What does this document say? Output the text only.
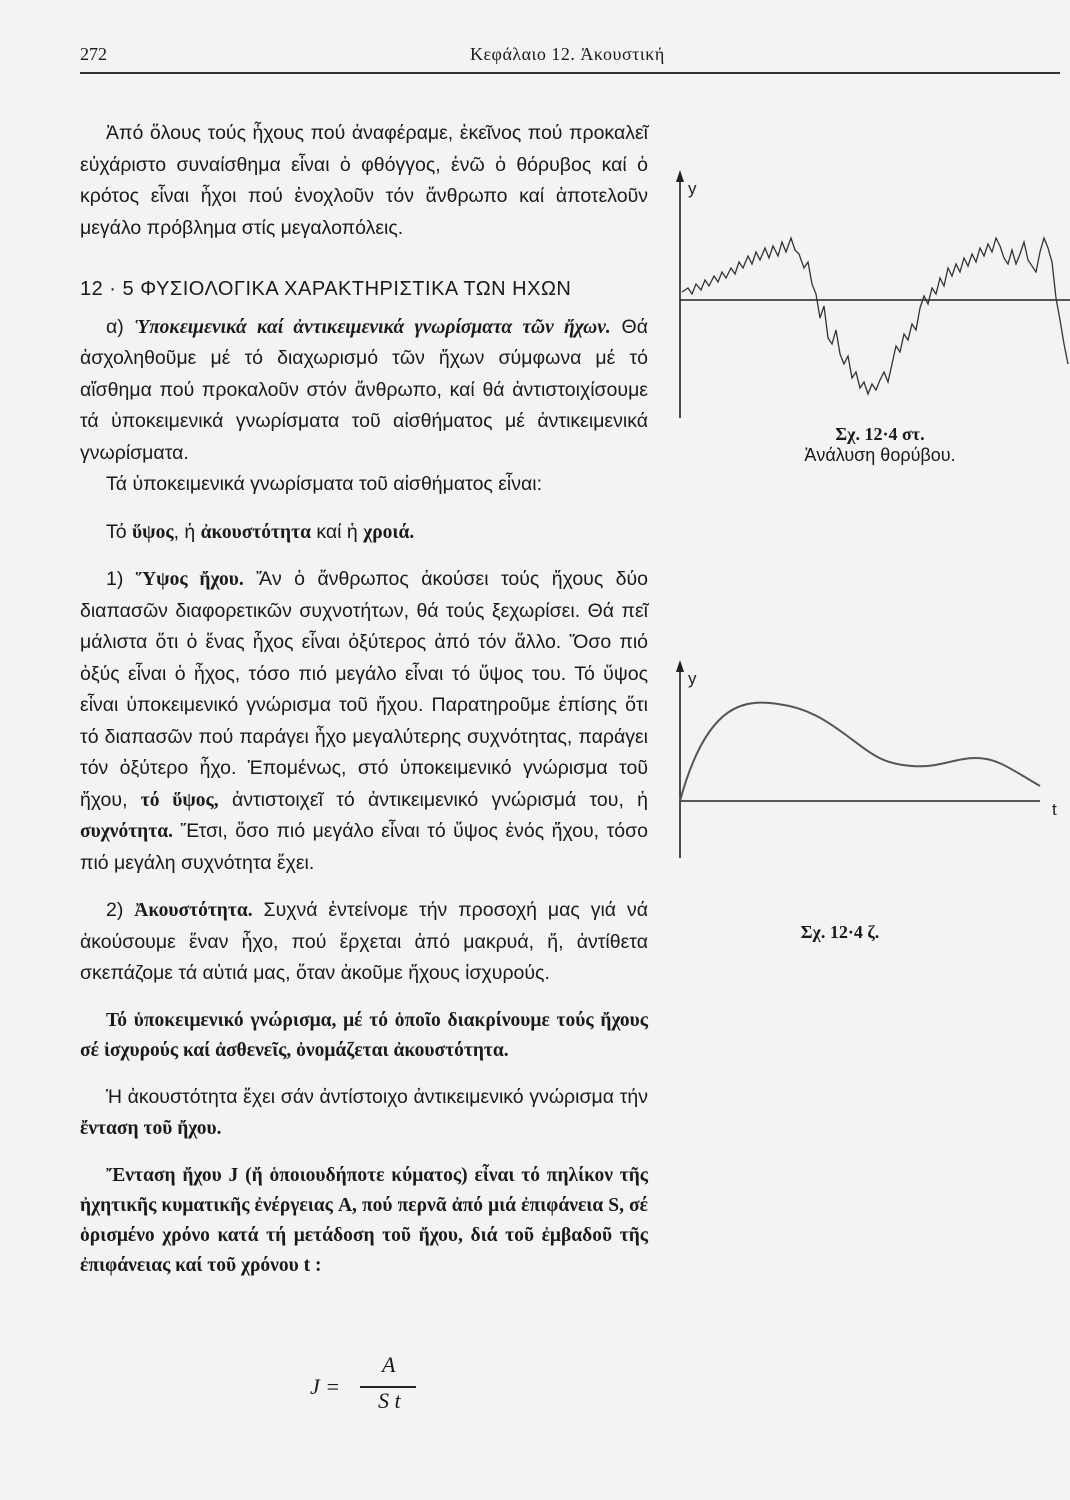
272	Κεφάλαιο 12. Ἀκουστική

Ἀπό ὅλους τούς ἦχους πού ἀναφέραμε, ἐκεῖνος πού προκαλεῖ εὐχάριστο συναίσθημα εἶναι ὁ φθόγγος, ἐνῶ ὁ θόρυβος καί ὁ κρότος εἶναι ἦχοι πού ἐνοχλοῦν τόν ἄνθρωπο καί ἀποτελοῦν μεγάλο πρόβλημα στίς μεγαλοπόλεις.

12 · 5 ΦΥΣΙΟΛΟΓΙΚΑ ΧΑΡΑΚΤΗΡΙΣΤΙΚΑ ΤΩΝ ΗΧΩΝ

α) Ὑποκειμενικά καί ἀντικειμενικά γνωρίσματα τῶν ἤχων. Θά ἀσχοληθοῦμε μέ τό διαχωρισμό τῶν ἤχων σύμφωνα μέ τό αἴσθημα πού προκαλοῦν στόν ἄνθρωπο, καί θά ἀντιστοιχίσουμε τά ὑποκειμενικά γνωρίσματα τοῦ αἰσθήματος μέ ἀντικειμενικά γνωρίσματα.

Τά ὑποκειμενικά γνωρίσματα τοῦ αἰσθήματος εἶναι:

Τό ὕψος, ἡ ἀκουστότητα καί ἡ χροιά.

1) Ὕψος ἤχου. Ἄν ὁ ἄνθρωπος ἀκούσει τούς ἤχους δύο διαπασῶν διαφορετικῶν συχνοτήτων, θά τούς ξεχωρίσει. Θά πεῖ μάλιστα ὅτι ὁ ἕνας ἦχος εἶναι ὀξύτερος ἀπό τόν ἄλλο. Ὅσο πιό ὀξύς εἶναι ὁ ἦχος, τόσο πιό μεγάλο εἶναι τό ὕψος του. Τό ὕψος εἶναι ὑποκειμενικό γνώρισμα τοῦ ἤχου. Παρατηροῦμε ἐπίσης ὅτι τό διαπασῶν πού παράγει ἦχο μεγαλύτερης συχνότητας, παράγει τόν ὀξύτερο ἦχο. Ἑπομένως, στό ὑποκειμενικό γνώρισμα τοῦ ἤχου, τό ὕψος, ἀντιστοιχεῖ τό ἀντικειμενικό γνώρισμά του, ἡ συχνότητα. Ἔτσι, ὅσο πιό μεγάλο εἶναι τό ὕψος ἑνός ἤχου, τόσο πιό μεγάλη συχνότητα ἔχει.

2) Ἀκουστότητα. Συχνά ἐντείνομε τήν προσοχή μας γιά νά ἀκούσουμε ἕναν ἦχο, πού ἔρχεται ἀπό μακρυά, ἤ, ἀντίθετα σκεπάζομε τά αὐτιά μας, ὅταν ἀκοῦμε ἤχους ἰσχυρούς.

Τό ὑποκειμενικό γνώρισμα, μέ τό ὁποῖο διακρίνουμε τούς ἤχους σέ ἰσχυρούς καί ἀσθενεῖς, ὀνομάζεται ἀκουστότητα.

Ἡ ἀκουστότητα ἔχει σάν ἀντίστοιχο ἀντικειμενικό γνώρισμα τήν ἔνταση τοῦ ἤχου.

Ἔνταση ἤχου J (ἤ ὁποιουδήποτε κύματος) εἶναι τό πηλίκον τῆς ἠχητικῆς κυματικῆς ἐνέργειας A, πού περνᾶ ἀπό μιά ἐπιφάνεια S, σέ ὁρισμένο χρόνο κατά τή μετάδοση τοῦ ἤχου, διά τοῦ ἐμβαδοῦ τῆς ἐπιφάνειας καί τοῦ χρόνου t :

J =
A
S t
y
Σχ. 12·4 στ.
Ἀνάλυση θορύβου.
y
t
Σχ. 12·4 ζ.
